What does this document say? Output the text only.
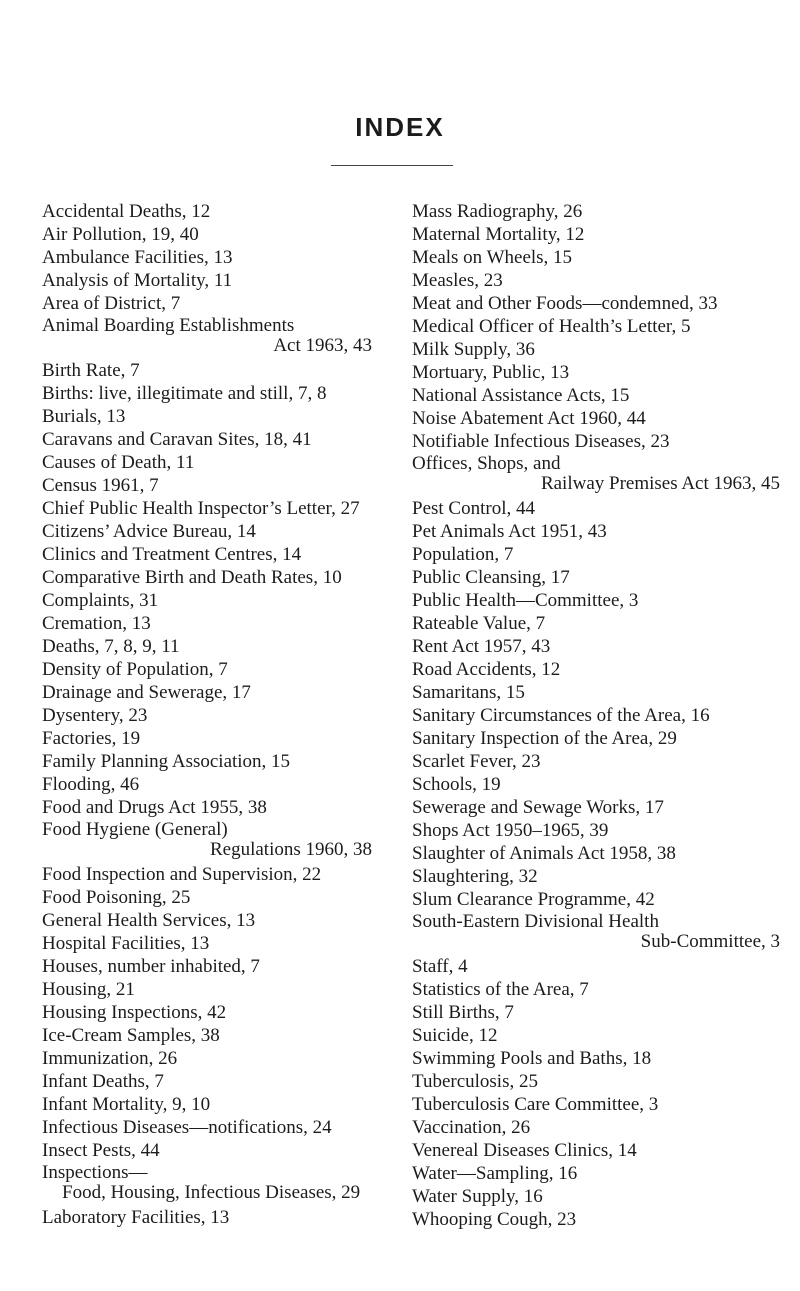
INDEX
Accidental Deaths, 12
Air Pollution, 19, 40
Ambulance Facilities, 13
Analysis of Mortality, 11
Area of District, 7
Animal Boarding Establishments
Act 1963, 43
Birth Rate, 7
Births: live, illegitimate and still, 7, 8
Burials, 13
Caravans and Caravan Sites, 18, 41
Causes of Death, 11
Census 1961, 7
Chief Public Health Inspector’s Letter, 27
Citizens’ Advice Bureau, 14
Clinics and Treatment Centres, 14
Comparative Birth and Death Rates, 10
Complaints, 31
Cremation, 13
Deaths, 7, 8, 9, 11
Density of Population, 7
Drainage and Sewerage, 17
Dysentery, 23
Factories, 19
Family Planning Association, 15
Flooding, 46
Food and Drugs Act 1955, 38
Food Hygiene (General)
Regulations 1960, 38
Food Inspection and Supervision, 22
Food Poisoning, 25
General Health Services, 13
Hospital Facilities, 13
Houses, number inhabited, 7
Housing, 21
Housing Inspections, 42
Ice-Cream Samples, 38
Immunization, 26
Infant Deaths, 7
Infant Mortality, 9, 10
Infectious Diseases—notifications, 24
Insect Pests, 44
Inspections—
Food, Housing, Infectious Diseases, 29
Laboratory Facilities, 13
Mass Radiography, 26
Maternal Mortality, 12
Meals on Wheels, 15
Measles, 23
Meat and Other Foods—condemned, 33
Medical Officer of Health’s Letter, 5
Milk Supply, 36
Mortuary, Public, 13
National Assistance Acts, 15
Noise Abatement Act 1960, 44
Notifiable Infectious Diseases, 23
Offices, Shops, and
Railway Premises Act 1963, 45
Pest Control, 44
Pet Animals Act 1951, 43
Population, 7
Public Cleansing, 17
Public Health—Committee, 3
Rateable Value, 7
Rent Act 1957, 43
Road Accidents, 12
Samaritans, 15
Sanitary Circumstances of the Area, 16
Sanitary Inspection of the Area, 29
Scarlet Fever, 23
Schools, 19
Sewerage and Sewage Works, 17
Shops Act 1950–1965, 39
Slaughter of Animals Act 1958, 38
Slaughtering, 32
Slum Clearance Programme, 42
South-Eastern Divisional Health
Sub-Committee, 3
Staff, 4
Statistics of the Area, 7
Still Births, 7
Suicide, 12
Swimming Pools and Baths, 18
Tuberculosis, 25
Tuberculosis Care Committee, 3
Vaccination, 26
Venereal Diseases Clinics, 14
Water—Sampling, 16
Water Supply, 16
Whooping Cough, 23
